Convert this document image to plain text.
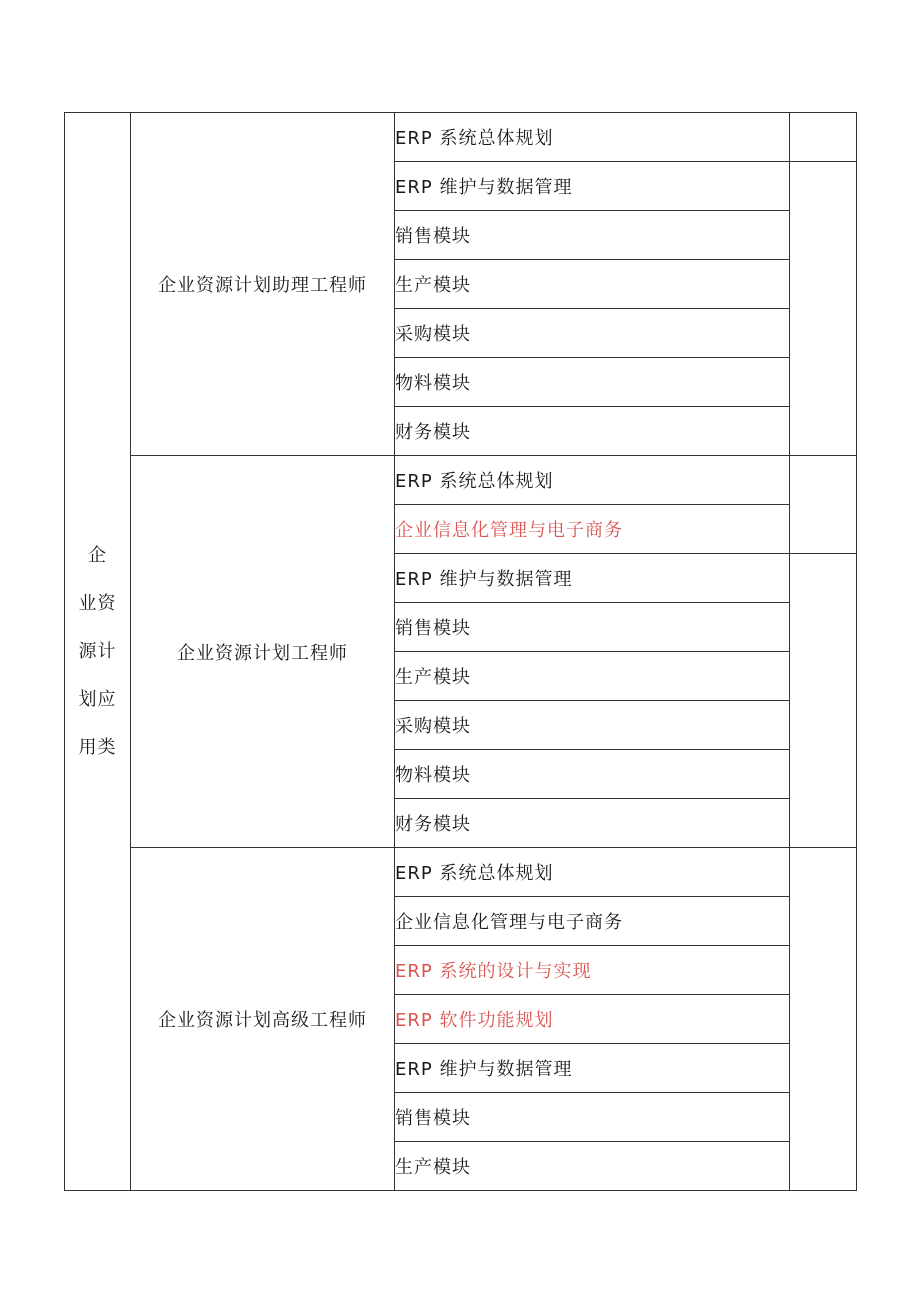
企
业资
源计
划应
用类	企业资源计划助理工程师	ERP 系统总体规划	
		ERP 维护与数据管理	
		销售模块	
		生产模块	
		采购模块	
		物料模块	
		财务模块	
	企业资源计划工程师	ERP 系统总体规划	
		企业信息化管理与电子商务	
		ERP 维护与数据管理	
		销售模块	
		生产模块	
		采购模块	
		物料模块	
		财务模块	
	企业资源计划高级工程师	ERP 系统总体规划	
		企业信息化管理与电子商务	
		ERP 系统的设计与实现	
		ERP 软件功能规划	
		ERP 维护与数据管理	
		销售模块	
		生产模块	
